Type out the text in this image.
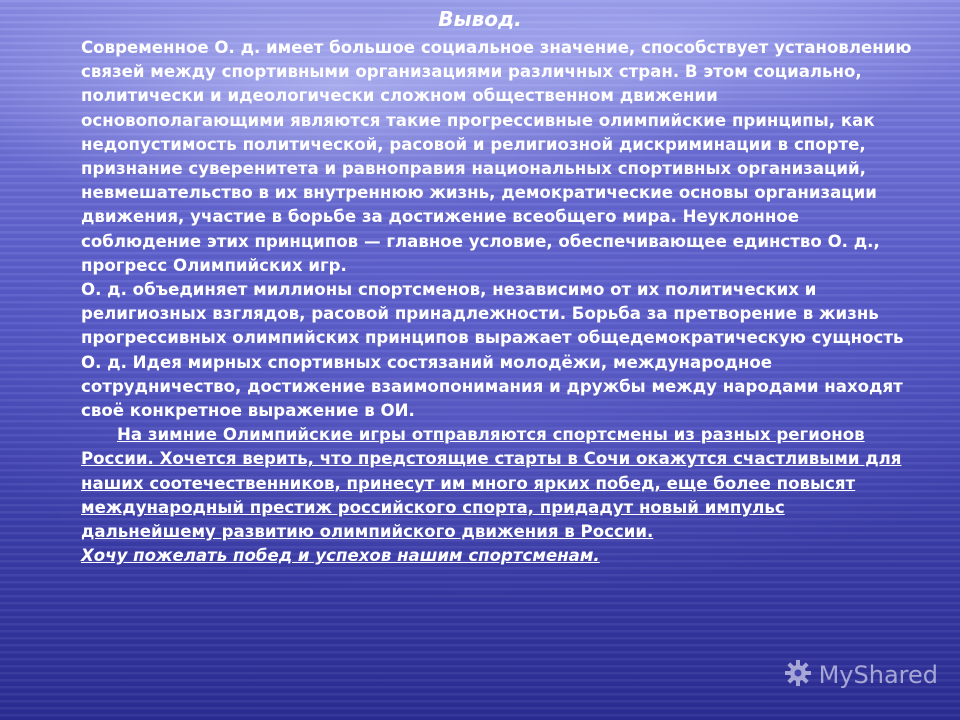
Вывод.

Современное О. д. имеет большое социальное значение, способствует установлению связей между спортивными организациями различных стран. В этом социально, политически и идеологически сложном общественном движении основополагающими являются такие прогрессивные олимпийские принципы, как недопустимость политической, расовой и религиозной дискриминации в спорте, признание суверенитета и равноправия национальных спортивных организаций, невмешательство в их внутреннюю жизнь, демократические основы организации движения, участие в борьбе за достижение всеобщего мира. Неуклонное соблюдение этих принципов — главное условие, обеспечивающее единство О. д., прогресс Олимпийских игр.

О. д. объединяет миллионы спортсменов, независимо от их политических и религиозных взглядов, расовой принадлежности. Борьба за претворение в жизнь прогрессивных олимпийских принципов выражает общедемократическую сущность О. д. Идея мирных спортивных состязаний молодёжи, международное сотрудничество, достижение взаимопонимания и дружбы между народами находят своё конкретное выражение в ОИ.

На зимние Олимпийские игры отправляются спортсмены из разных регионов России. Хочется верить, что предстоящие старты в Сочи окажутся счастливыми для наших соотечественников, принесут им много ярких побед, еще более повысят международный престиж российского спорта, придадут новый импульс дальнейшему развитию олимпийского движения в России.

Хочу пожелать побед и успехов нашим спортсменам.

MyShared
